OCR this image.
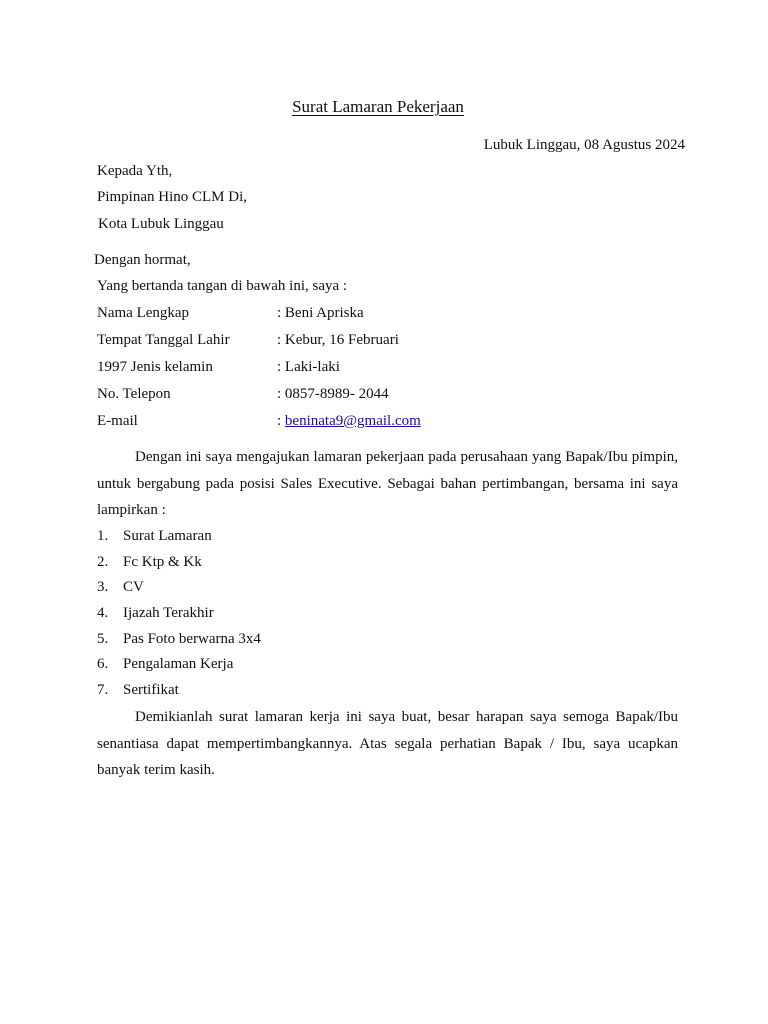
Surat Lamaran Pekerjaan
Lubuk Linggau, 08 Agustus 2024
Kepada Yth,
Pimpinan Hino CLM Di,
Kota Lubuk Linggau
Dengan hormat,
Yang bertanda tangan di bawah ini, saya :
Nama Lengkap	: Beni Apriska
Tempat Tanggal Lahir	: Kebur, 16 Februari
1997 Jenis kelamin	: Laki-laki
No. Telepon	: 0857-8989- 2044
E-mail	: beninata9@gmail.com
Dengan ini saya mengajukan lamaran pekerjaan pada perusahaan yang Bapak/Ibu pimpin, untuk bergabung pada posisi Sales Executive. Sebagai bahan pertimbangan, bersama ini saya lampirkan :
1. Surat Lamaran
2. Fc Ktp & Kk
3. CV
4. Ijazah Terakhir
5. Pas Foto berwarna 3x4
6. Pengalaman Kerja
7. Sertifikat
Demikianlah surat lamaran kerja ini saya buat, besar harapan saya semoga Bapak/Ibu senantiasa dapat mempertimbangkannya. Atas segala perhatian Bapak / Ibu, saya ucapkan banyak terim kasih.
